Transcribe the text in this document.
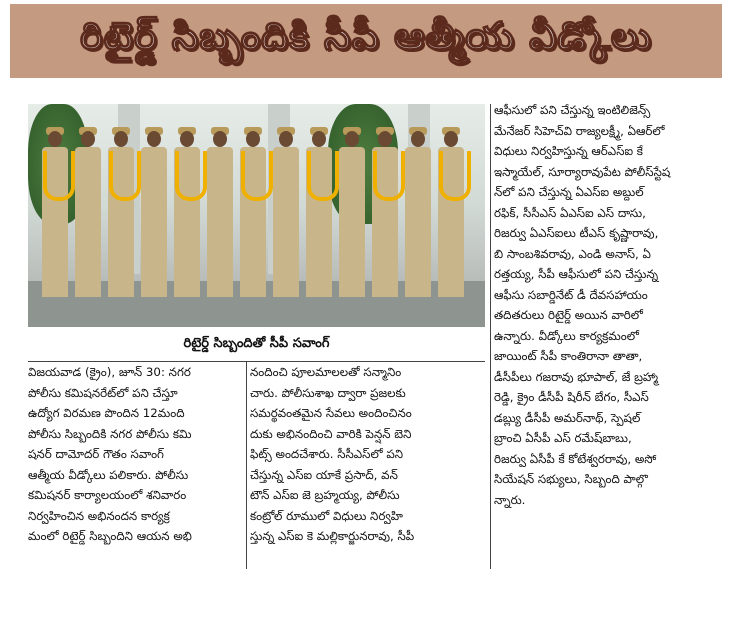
రిటైర్డ్ సిబ్బందికి సీపీ ఆత్మీయ వీడ్కోలు
రిటైర్డ్ సిబ్బందితో సీపీ సవాంగ్
విజయవాడ (క్రైం), జూన్ 30: నగర
పోలీసు కమిషనరేట్‌లో పని చేస్తూ
ఉద్యోగ విరమణ పొందిన 12మంది
పోలీసు సిబ్బందికి నగర పోలీసు కమి
షనర్ దామోదర్ గౌతం సవాంగ్
ఆత్మీయ వీడ్కోలు పలికారు. పోలీసు
కమిషనర్ కార్యాలయంలో శనివారం
నిర్వహించిన అభినందన కార్యక్ర
మంలో రిటైర్డ్ సిబ్బందిని ఆయన అభి
నందించి పూలమాలలతో సన్మానిం
చారు. పోలీసుశాఖ ద్వారా ప్రజలకు
సమర్థవంతమైన సేవలు అందించినం
దుకు అభినందించి వారికి పెన్షన్ బెని
ఫిట్స్ అందచేశారు. సీసీఎస్‌లో పని
చేస్తున్న ఎస్ఐ యాకే ప్రసాద్, వన్
టౌన్ ఎస్ఐ జె బ్రహ్మయ్య, పోలీసు
కంట్రోల్ రూములో విధులు నిర్వహి
స్తున్న ఎస్ఐ కె మల్లికార్జునరావు, సీపీ
ఆఫీసులో పని చేస్తున్న ఇంటిలిజెన్స్
మేనేజర్ సిహెచ్‌వి రాజ్యలక్ష్మీ, ఏఆర్‌లో
విధులు నిర్వహిస్తున్న ఆర్ఎస్ఐ కే
ఇస్మాయేల్, సూర్యారావుపేట పోలీస్‌స్టేష
న్‌లో పని చేస్తున్న ఏఎస్ఐ అబ్దుల్
రఫిక్, సీసీఎస్ ఏఎస్ఐ ఎస్ దాసు,
రిజర్వు ఏఎస్ఐలు టీఎస్ కృష్ణారావు,
బి సాంబశివరావు, ఎండి అనాస్, ఏ
రత్తయ్య, సీపీ ఆఫీసులో పని చేస్తున్న
ఆఫీసు సబార్డినేట్ డీ దేవసహాయం
తదితరులు రిటైర్డ్ అయిన వారిలో
ఉన్నారు. వీడ్కోలు కార్యక్రమంలో
జాయింట్ సీపీ కాంతిరానా తాతా,
డీసీపీలు గజరావు భూపాల్, జే బ్రహ్మా
రెడ్డి, క్రైం డీసీపీ షిరీన్ బేగం, సీఎస్
డబ్ల్యు డీసీపీ అమర్‌నాథ్, స్పెషల్
బ్రాంచి ఏసీపీ ఎస్ రమేష్‌బాబు,
రిజర్వు ఏసీపీ కే కోటేశ్వరరావు, అసో
సియేషన్ సభ్యులు, సిబ్బంది పాల్గొ
న్నారు.
